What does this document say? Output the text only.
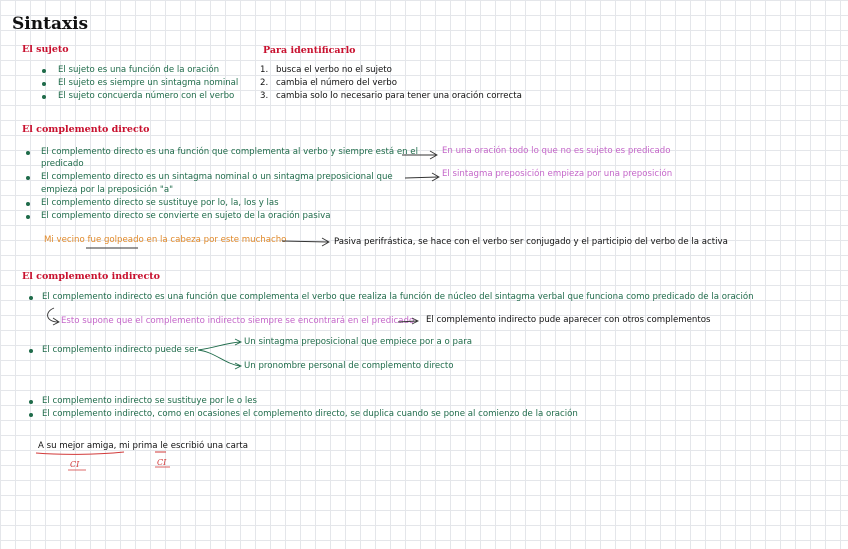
Sintaxis
El sujeto
El sujeto es una función de la oración
El sujeto es siempre un sintagma nominal
El sujeto concuerda número con el verbo
Para identificarlo
1. busca el verbo no el sujeto
2. cambia el número del verbo
3. cambia solo lo necesario para tener una oración correcta
El complemento directo
El complemento directo es una función que complementa al verbo y siempre está en el
predicado
El complemento directo es un sintagma nominal o un sintagma preposicional que
empieza por la preposición "a"
El complemento directo se sustituye por lo, la, los y las
El complemento directo se convierte en sujeto de la oración pasiva
En una oración todo lo que no es sujeto es predicado
El sintagma preposición empieza por una preposición
Mi vecino fue golpeado en la cabeza por este muchacho	Pasiva perifrástica, se hace con el verbo ser conjugado y el participio del verbo de la activa
El complemento indirecto
El complemento indirecto es una función que complementa el verbo que realiza la función de núcleo del sintagma verbal que funciona como predicado de la oración
Esto supone que el complemento indirecto siempre se encontrará en el predicado El complemento indirecto pude aparecer con otros complementos
El complemento indirecto puede ser
Un sintagma preposicional que empiece por a o para
Un pronombre personal de complemento directo
El complemento indirecto se sustituye por le o les
El complemento indirecto, como en ocasiones el complemento directo, se duplica cuando se pone al comienzo de la oración
A su mejor amiga, mi prima le escribió una carta
CI	CI
